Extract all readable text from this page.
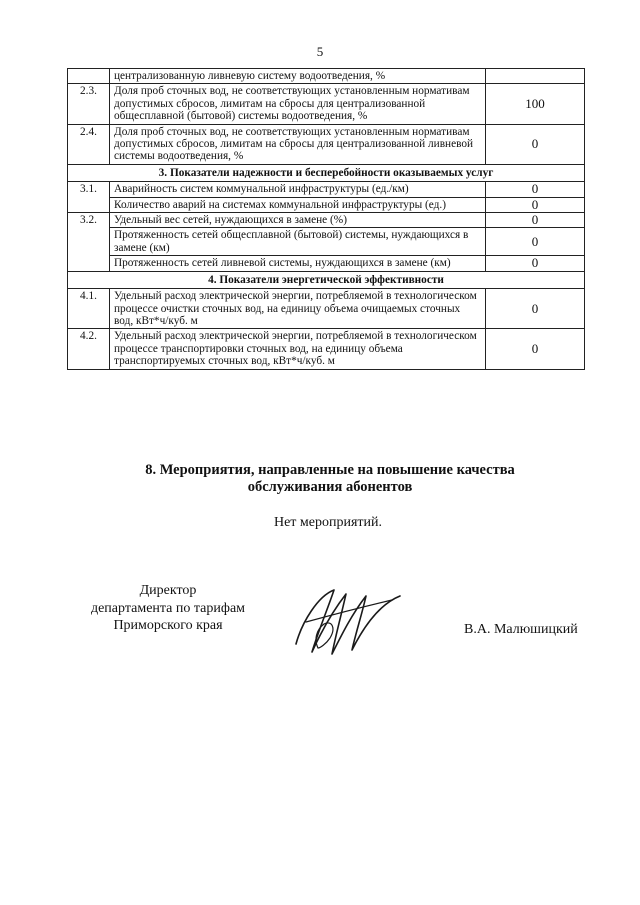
5
	централизованную ливневую систему водоотведения, %	
2.3.	Доля проб сточных вод, не соответствующих установленным нормативам допустимых сбросов, лимитам на сбросы для централизованной общесплавной (бытовой) системы водоотведения, %	100
2.4.	Доля проб сточных вод, не соответствующих установленным нормативам допустимых сбросов, лимитам на сбросы для централизованной ливневой системы водоотведения, %	0
3. Показатели надежности и бесперебойности оказываемых услуг		
3.1.	Аварийность систем коммунальной инфраструктуры (ед./км)	0
	Количество аварий на системах коммунальной инфраструктуры (ед.)	0
3.2.	Удельный вес сетей, нуждающихся в замене (%)	0
	Протяженность сетей общесплавной (бытовой) системы, нуждающихся в замене (км)	0
	Протяженность сетей ливневой системы, нуждающихся в замене (км)	0
4. Показатели энергетической эффективности		
4.1.	Удельный расход электрической энергии, потребляемой в технологическом процессе очистки сточных вод, на единицу объема очищаемых сточных вод, кВт*ч/куб. м	0
4.2.	Удельный расход электрической энергии, потребляемой в технологическом процессе транспортировки сточных вод, на единицу объема транспортируемых сточных вод, кВт*ч/куб. м	0
8. Мероприятия, направленные на повышение качества
обслуживания абонентов
Нет мероприятий.
Директор
департамента по тарифам
Приморского края	В.А. Малюшицкий
